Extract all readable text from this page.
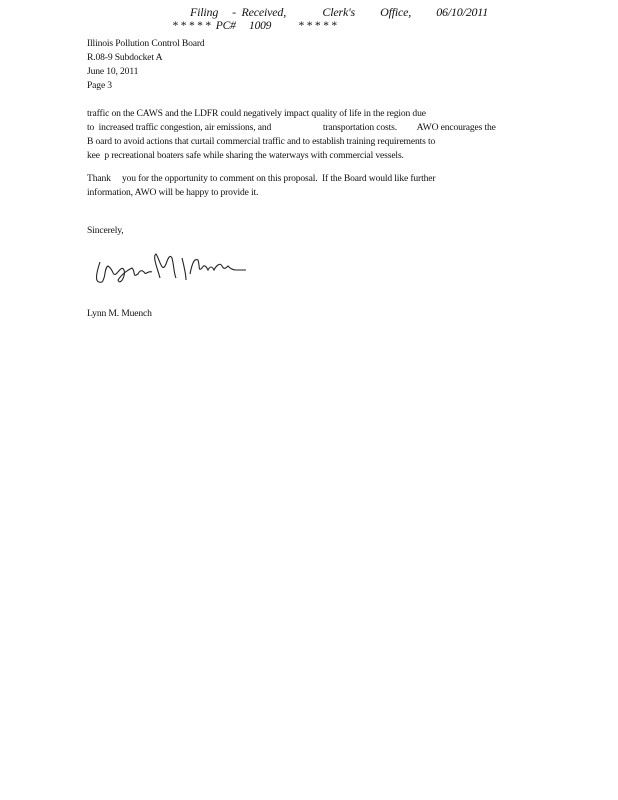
Filing     -  Received,             Clerk's         Office,         06/10/2011
* * * * *  PC#     1009          * * * * *
Illinois Pollution Control Board
R.08-9 Subdocket A
June 10, 2011
Page 3
traffic on the CAWS and the LDFR could negatively impact quality of life in the region due
to  increased traffic congestion, air emissions, and                       transportation costs.         AWO encourages the
B oard to avoid actions that curtail commercial traffic and to establish training requirements to
kee  p recreational boaters safe while sharing the waterways with commercial vessels.
Thank     you for the opportunity to comment on this proposal.  If the Board would like further
information, AWO will be happy to provide it.
Sincerely,
Lynn M. Muench
